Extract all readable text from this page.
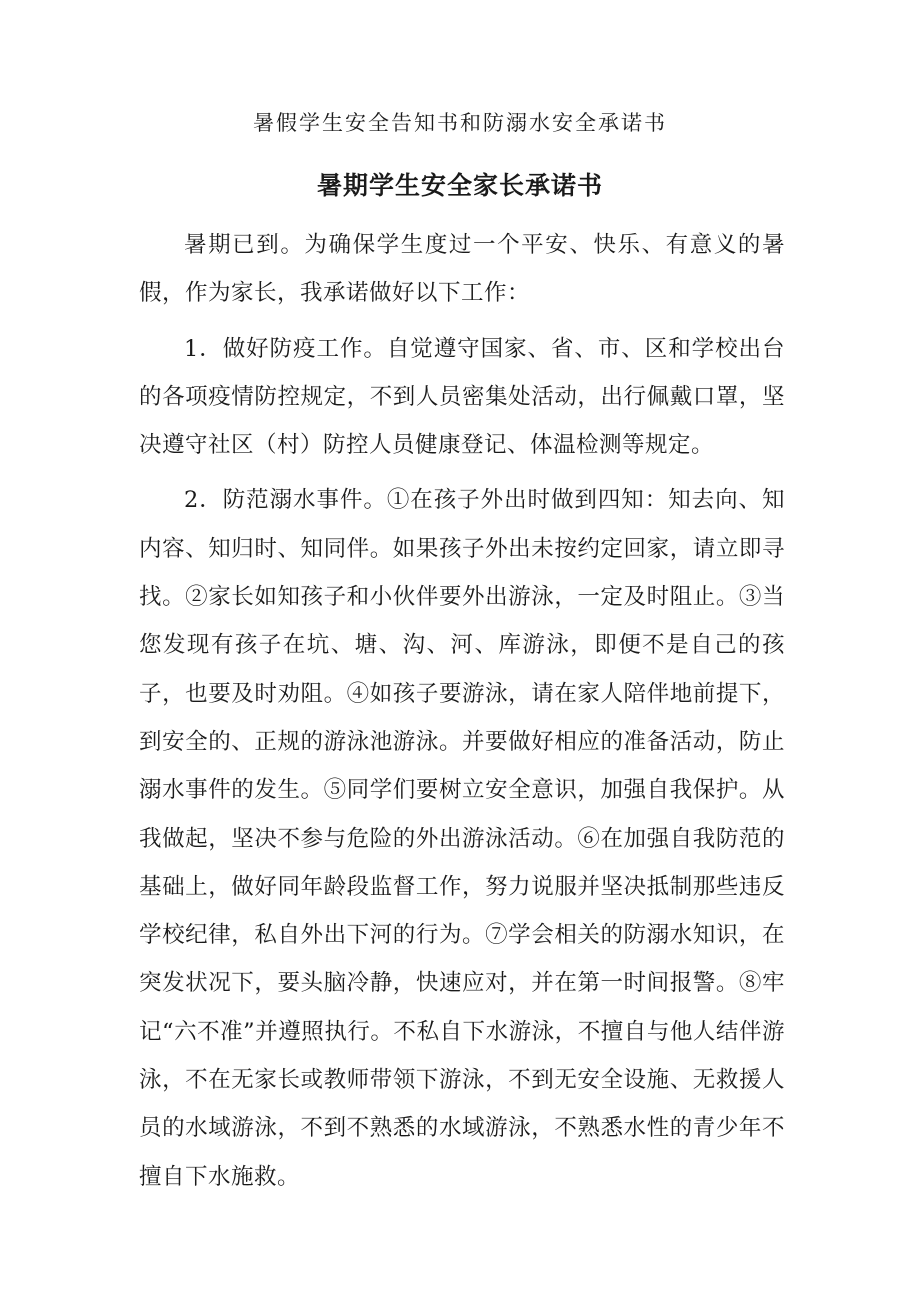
暑假学生安全告知书和防溺水安全承诺书
暑期学生安全家长承诺书

暑期已到。为确保学生度过一个平安、快乐、有意义的暑假，作为家长，我承诺做好以下工作：

1．做好防疫工作。自觉遵守国家、省、市、区和学校出台的各项疫情防控规定，不到人员密集处活动，出行佩戴口罩，坚决遵守社区（村）防控人员健康登记、体温检测等规定。

2．防范溺水事件。①在孩子外出时做到四知：知去向、知内容、知归时、知同伴。如果孩子外出未按约定回家，请立即寻找。②家长如知孩子和小伙伴要外出游泳，一定及时阻止。③当您发现有孩子在坑、塘、沟、河、库游泳，即便不是自己的孩子，也要及时劝阻。④如孩子要游泳，请在家人陪伴地前提下，到安全的、正规的游泳池游泳。并要做好相应的准备活动，防止溺水事件的发生。⑤同学们要树立安全意识，加强自我保护。从我做起，坚决不参与危险的外出游泳活动。⑥在加强自我防范的基础上，做好同年龄段监督工作，努力说服并坚决抵制那些违反学校纪律，私自外出下河的行为。⑦学会相关的防溺水知识，在突发状况下，要头脑冷静，快速应对，并在第一时间报警。⑧牢记“六不准”并遵照执行。不私自下水游泳，不擅自与他人结伴游泳，不在无家长或教师带领下游泳，不到无安全设施、无救援人员的水域游泳，不到不熟悉的水域游泳，不熟悉水性的青少年不擅自下水施救。
